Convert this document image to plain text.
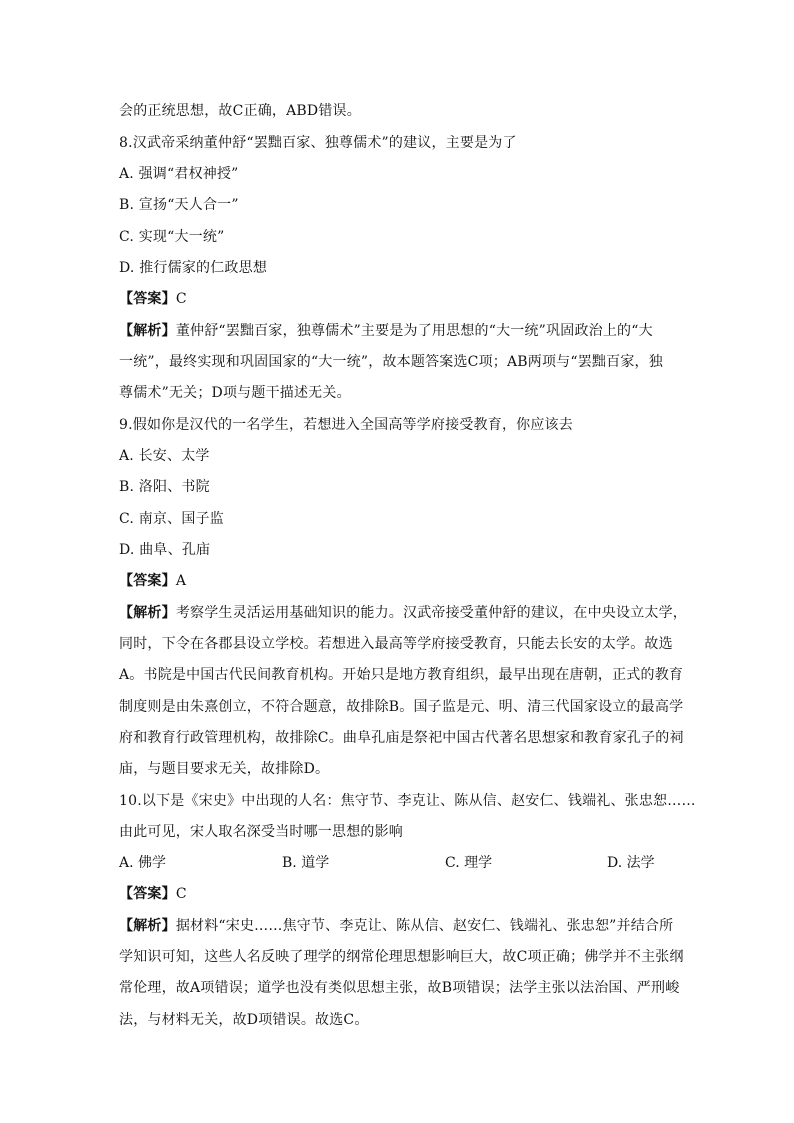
会的正统思想，故C正确，ABD错误。
8.汉武帝采纳董仲舒“罢黜百家、独尊儒术”的建议，主要是为了
A. 强调“君权神授”
B. 宣扬“天人合一”
C. 实现“大一统”
D. 推行儒家的仁政思想
【答案】C
【解析】董仲舒“罢黜百家，独尊儒术”主要是为了用思想的“大一统”巩固政治上的“大
一统”，最终实现和巩固国家的“大一统”，故本题答案选C项；AB两项与“罢黜百家，独
尊儒术”无关；D项与题干描述无关。
9.假如你是汉代的一名学生，若想进入全国高等学府接受教育，你应该去
A. 长安、太学
B. 洛阳、书院
C. 南京、国子监
D. 曲阜、孔庙
【答案】A
【解析】考察学生灵活运用基础知识的能力。汉武帝接受董仲舒的建议，在中央设立太学，
同时，下令在各郡县设立学校。若想进入最高等学府接受教育，只能去长安的太学。故选
A。书院是中国古代民间教育机构。开始只是地方教育组织，最早出现在唐朝，正式的教育
制度则是由朱熹创立，不符合题意，故排除B。国子监是元、明、清三代国家设立的最高学
府和教育行政管理机构，故排除C。曲阜孔庙是祭祀中国古代著名思想家和教育家孔子的祠
庙，与题目要求无关，故排除D。
10.以下是《宋史》中出现的人名：焦守节、李克让、陈从信、赵安仁、钱端礼、张忠恕……
由此可见，宋人取名深受当时哪一思想的影响
A. 佛学	B. 道学	C. 理学	D. 法学
【答案】C
【解析】据材料“宋史……焦守节、李克让、陈从信、赵安仁、钱端礼、张忠恕”并结合所
学知识可知，这些人名反映了理学的纲常伦理思想影响巨大，故C项正确；佛学并不主张纲
常伦理，故A项错误；道学也没有类似思想主张，故B项错误；法学主张以法治国、严刑峻
法，与材料无关，故D项错误。故选C。
